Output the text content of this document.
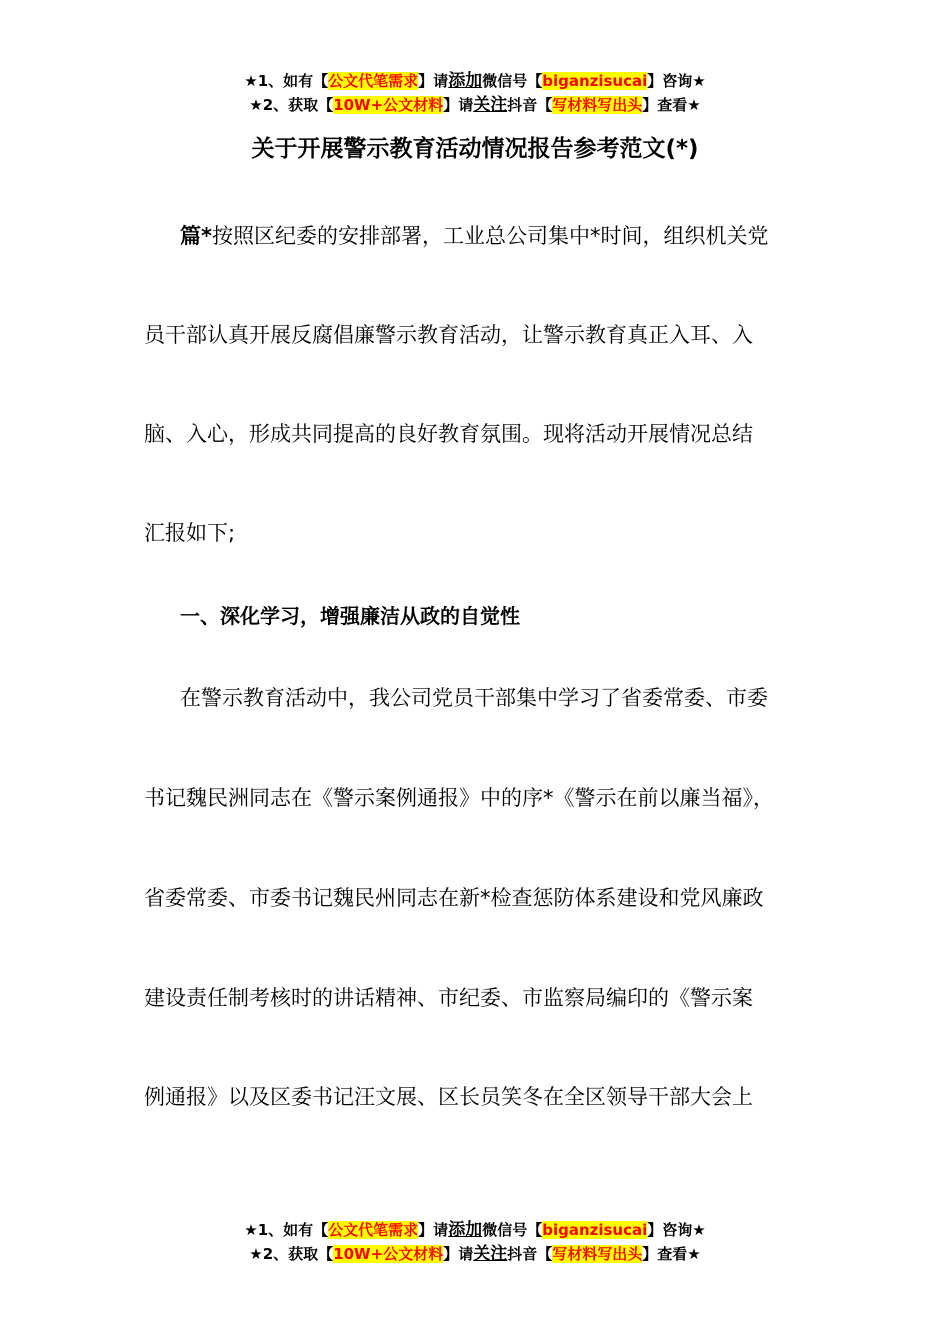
★1、如有【公文代笔需求】请添加微信号【biganzisucai】咨询★
★2、获取【10W+公文材料】请关注抖音【写材料写出头】查看★
关于开展警示教育活动情况报告参考范文(*)
篇*按照区纪委的安排部署，工业总公司集中*时间，组织机关党
员干部认真开展反腐倡廉警示教育活动，让警示教育真正入耳、入
脑、入心，形成共同提高的良好教育氛围。现将活动开展情况总结
汇报如下;
一、深化学习，增强廉洁从政的自觉性
在警示教育活动中，我公司党员干部集中学习了省委常委、市委
书记魏民洲同志在《警示案例通报》中的序*《警示在前以廉当福》，
省委常委、市委书记魏民州同志在新*检查惩防体系建设和党风廉政
建设责任制考核时的讲话精神、市纪委、市监察局编印的《警示案
例通报》以及区委书记汪文展、区长员笑冬在全区领导干部大会上
★1、如有【公文代笔需求】请添加微信号【biganzisucai】咨询★
★2、获取【10W+公文材料】请关注抖音【写材料写出头】查看★
